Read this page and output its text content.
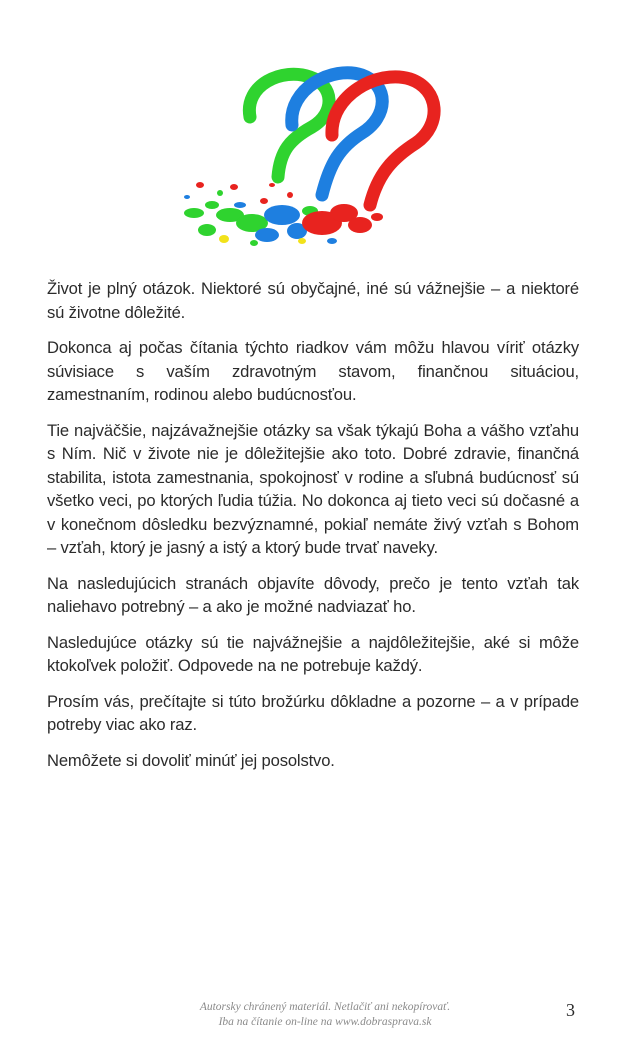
Život je plný otázok. Niektoré sú obyčajné, iné sú vážnejšie – a niektoré sú životne dôležité.

Dokonca aj počas čítania týchto riadkov vám môžu hlavou víriť otázky súvisiace s vaším zdravotným stavom, finančnou situáciou, zamestnaním, rodinou alebo budúcnosťou.

Tie najväčšie, najzávažnejšie otázky sa však týkajú Boha a vášho vzťahu s Ním. Nič v živote nie je dôležitejšie ako toto. Dobré zdravie, finančná stabilita, istota zamestnania, spokojnosť v rodine a sľubná budúcnosť sú všetko veci, po ktorých ľudia túžia. No dokonca aj tieto veci sú dočasné a v konečnom dôsledku bezvýznamné, pokiaľ nemáte živý vzťah s Bohom – vzťah, ktorý je jasný a istý a ktorý bude trvať naveky.

Na nasledujúcich stranách objavíte dôvody, prečo je tento vzťah tak naliehavo potrebný – a ako je možné nadviazať ho.

Nasledujúce otázky sú tie najvážnejšie a najdôležitejšie, aké si môže ktokoľvek položiť. Odpovede na ne potrebuje každý.

Prosím vás, prečítajte si túto brožúrku dôkladne a pozorne – a v prípade potreby viac ako raz.

Nemôžete si dovoliť minúť jej posolstvo.

Autorsky chránený materiál. Netlačiť ani nekopírovať.
Iba na čítanie on-line na www.dobrasprava.sk
3
